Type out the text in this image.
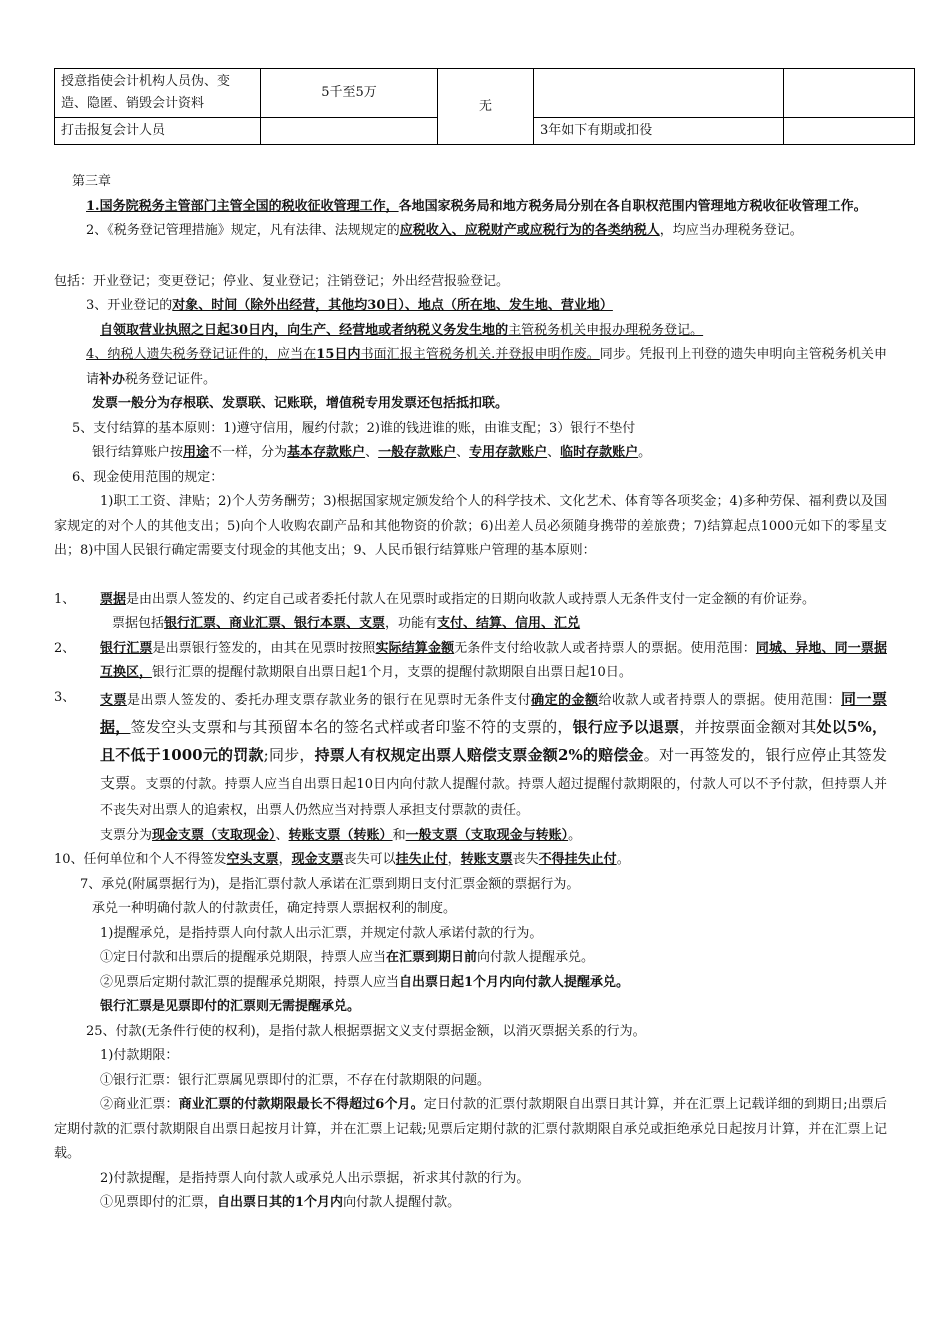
授意指使会计机构人员伪、变造、隐匿、销毁会计资料	5千至5万	无		
打击报复会计人员			3年如下有期或扣役	

第三章

1.国务院税务主管部门主管全国的税收征收管理工作，各地国家税务局和地方税务局分别在各自职权范围内管理地方税收征收管理工作。

2、《税务登记管理措施》规定，凡有法律、法规规定的应税收入、应税财产或应税行为的各类纳税人，均应当办理税务登记。

包括：开业登记；变更登记；停业、复业登记；注销登记；外出经营报验登记。

3、开业登记的对象、时间（除外出经营，其他均30日）、地点（所在地、发生地、营业地）

自领取营业执照之日起30日内，向生产、经营地或者纳税义务发生地的主管税务机关申报办理税务登记。

4、纳税人遗失税务登记证件的，应当在15日内书面汇报主管税务机关.并登报申明作废。同步。凭报刊上刊登的遗失申明向主管税务机关申请补办税务登记证件。

发票一般分为存根联、发票联、记账联，增值税专用发票还包括抵扣联。

5、支付结算的基本原则：1)遵守信用，履约付款；2)谁的钱进谁的账，由谁支配；3）银行不垫付

银行结算账户按用途不一样，分为基本存款账户、一般存款账户、专用存款账户、临时存款账户。

6、现金使用范围的规定：

1)职工工资、津贴；2)个人劳务酬劳；3)根据国家规定颁发给个人的科学技术、文化艺术、体育等各项奖金；4)多种劳保、福利费以及国家规定的对个人的其他支出；5)向个人收购农副产品和其他物资的价款；6)出差人员必须随身携带的差旅费；7)结算起点1000元如下的零星支出；8)中国人民银行确定需要支付现金的其他支出；9、人民币银行结算账户管理的基本原则：

1、	票据是由出票人签发的、约定自己或者委托付款人在见票时或指定的日期向收款人或持票人无条件支付一定金额的有价证券。

票据包括银行汇票、商业汇票、银行本票、支票，功能有支付、结算、信用、汇兑

2、	银行汇票是出票银行签发的，由其在见票时按照实际结算金额无条件支付给收款人或者持票人的票据。使用范围：同城、异地、同一票据互换区，银行汇票的提醒付款期限自出票日起1个月，支票的提醒付款期限自出票日起10日。

3、	支票是出票人签发的、委托办理支票存款业务的银行在见票时无条件支付确定的金额给收款人或者持票人的票据。使用范围：同一票据，签发空头支票和与其预留本名的签名式样或者印鉴不符的支票的，银行应予以退票，并按票面金额对其处以5%，且不低于1000元的罚款;同步，持票人有权规定出票人赔偿支票金额2%的赔偿金。对一再签发的，银行应停止其签发支票。支票的付款。持票人应当自出票日起10日内向付款人提醒付款。持票人超过提醒付款期限的，付款人可以不予付款，但持票人并不丧失对出票人的追索权，出票人仍然应当对持票人承担支付票款的责任。

支票分为现金支票（支取现金）、转账支票（转账）和一般支票（支取现金与转账）。

10、任何单位和个人不得签发空头支票，现金支票丧失可以挂失止付，转账支票丧失不得挂失止付。

7、承兑(附属票据行为)，是指汇票付款人承诺在汇票到期日支付汇票金额的票据行为。

承兑一种明确付款人的付款责任，确定持票人票据权利的制度。

1)提醒承兑，是指持票人向付款人出示汇票，并规定付款人承诺付款的行为。

①定日付款和出票后的提醒承兑期限，持票人应当在汇票到期日前向付款人提醒承兑。

②见票后定期付款汇票的提醒承兑期限，持票人应当自出票日起1个月内向付款人提醒承兑。

银行汇票是见票即付的汇票则无需提醒承兑。

25、付款(无条件行使的权利)，是指付款人根据票据文义支付票据金额，以消灭票据关系的行为。

1)付款期限：

①银行汇票：银行汇票属见票即付的汇票，不存在付款期限的问题。

②商业汇票：商业汇票的付款期限最长不得超过6个月。定日付款的汇票付款期限自出票日其计算，并在汇票上记载详细的到期日;出票后定期付款的汇票付款期限自出票日起按月计算，并在汇票上记载;见票后定期付款的汇票付款期限自承兑或拒绝承兑日起按月计算，并在汇票上记载。

2)付款提醒，是指持票人向付款人或承兑人出示票据，祈求其付款的行为。

①见票即付的汇票，自出票日其的1个月内向付款人提醒付款。
